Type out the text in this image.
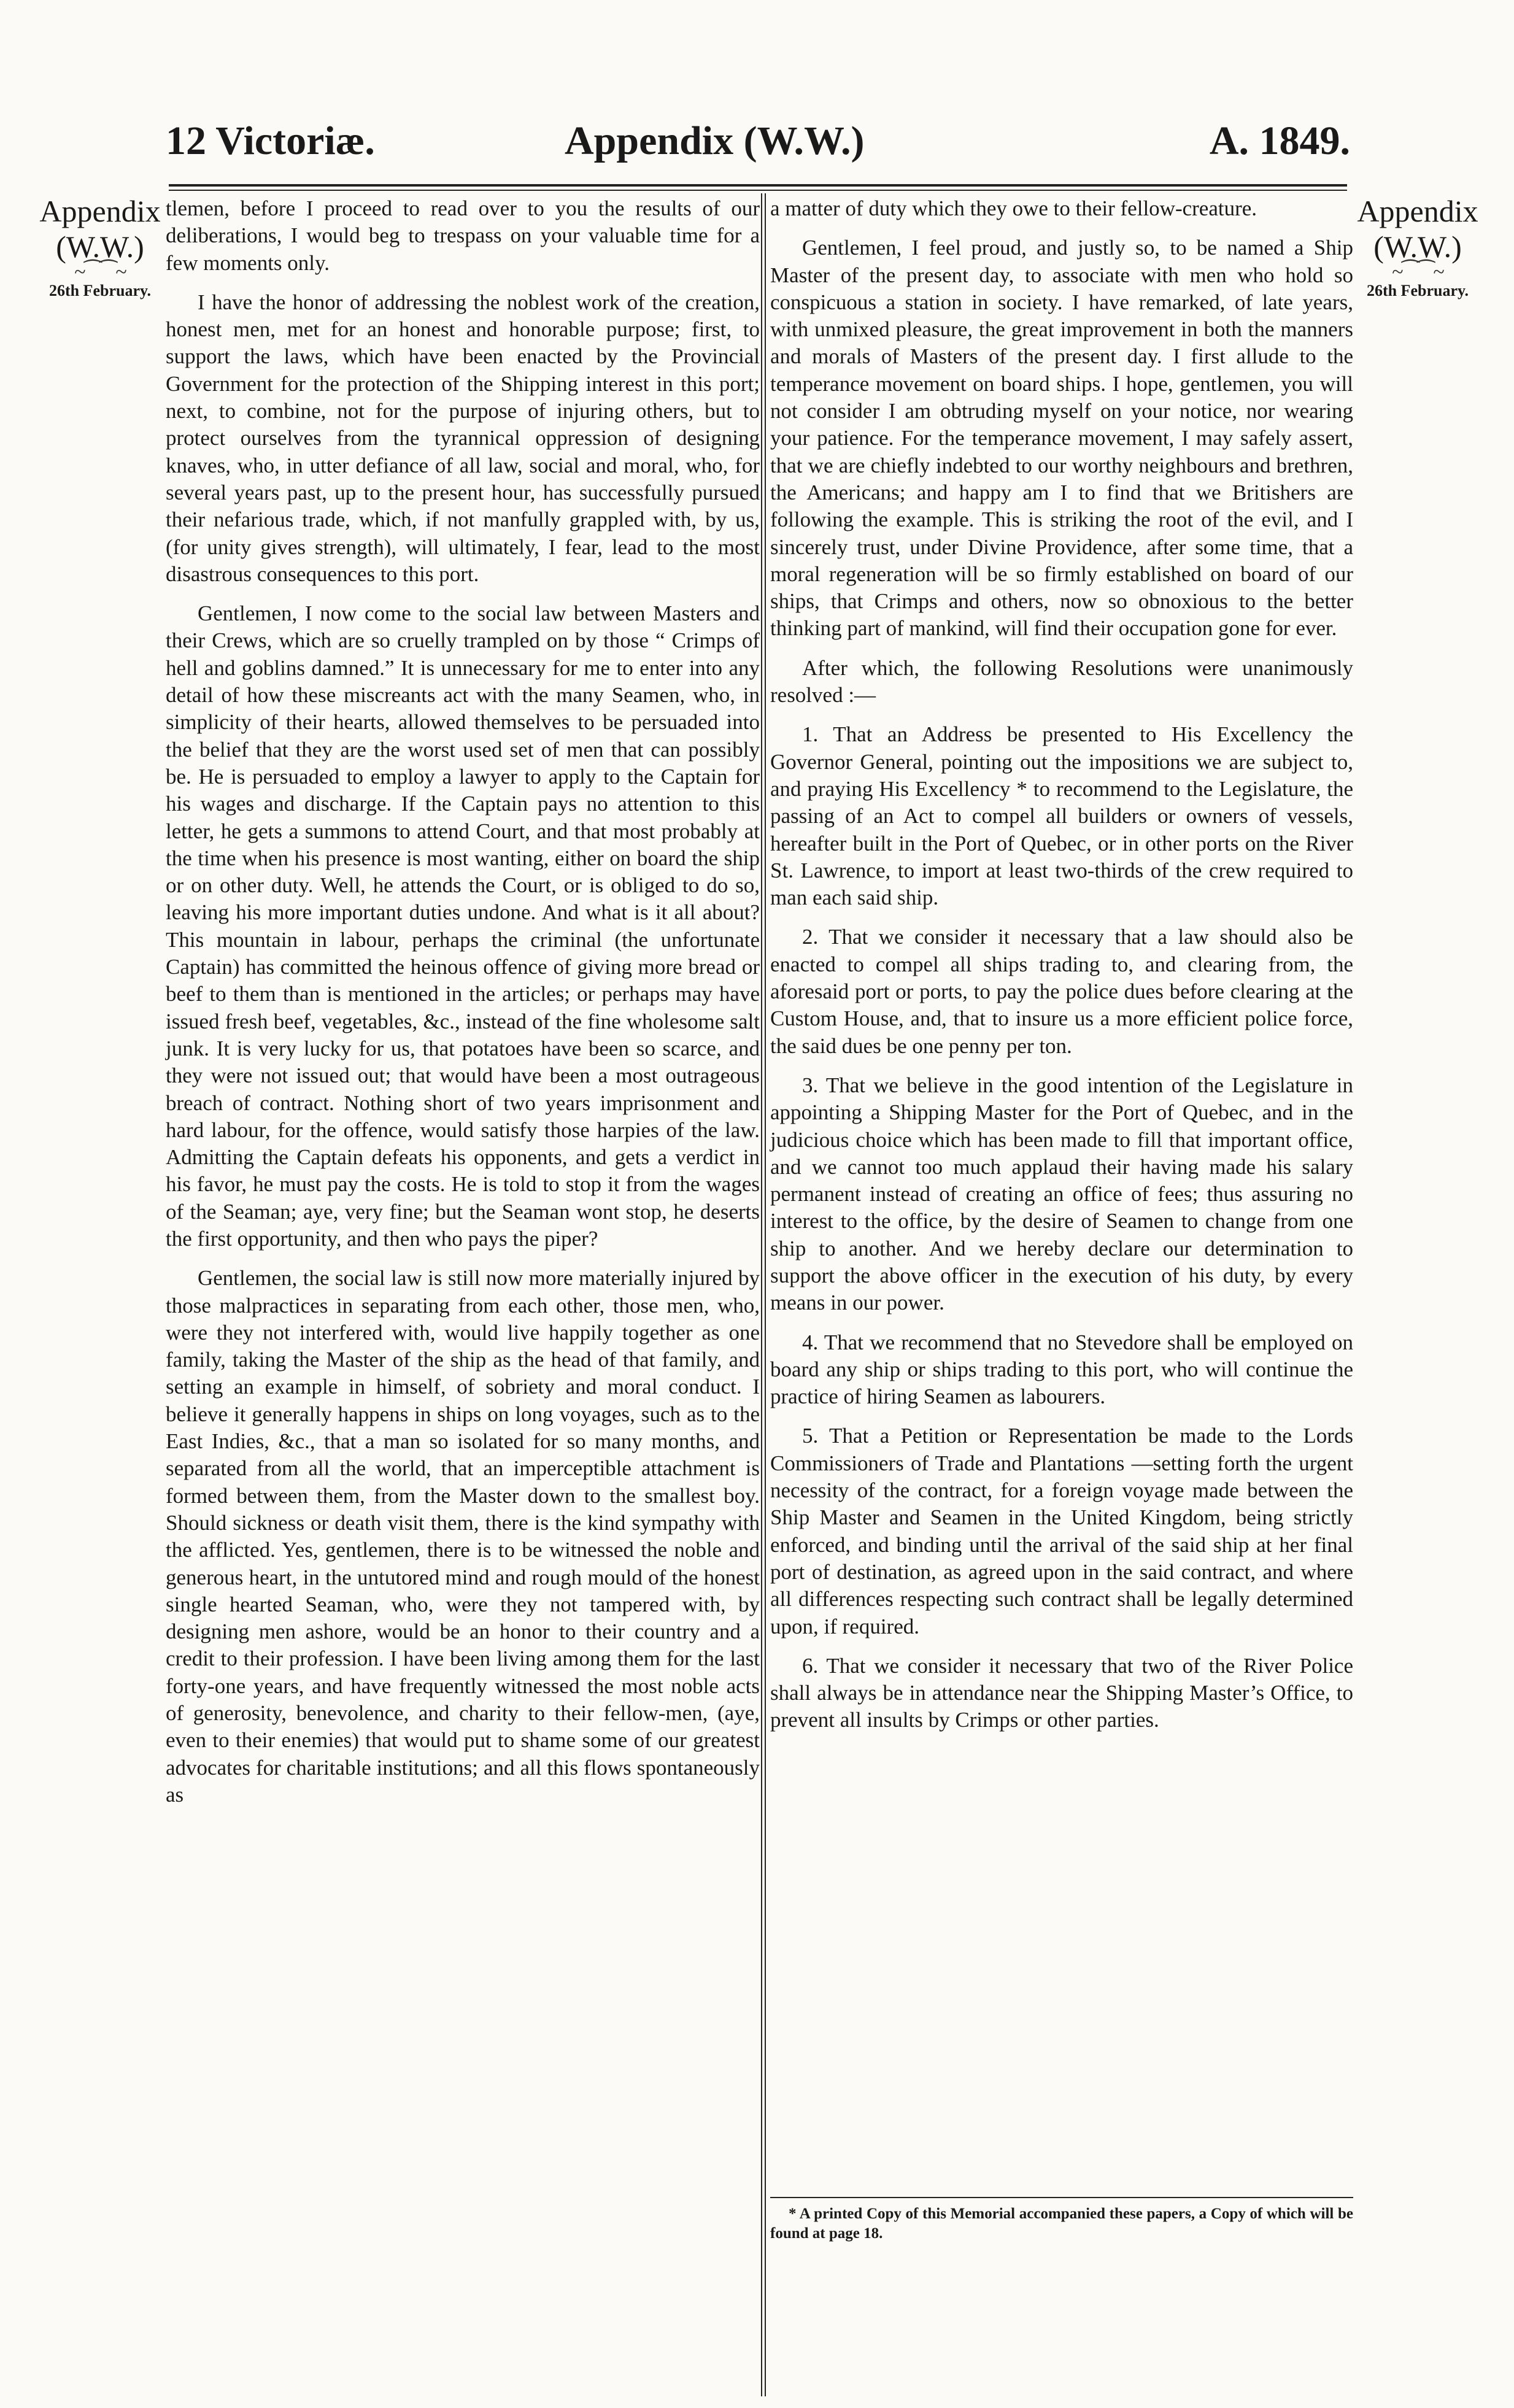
12 Victoriæ.	Appendix (W.W.)	A. 1849.
Appendix
(W.W.)
~⁀⁀~
26th February.
Appendix
(W.W.)
~⁀⁀~
26th February.

tlemen, before I proceed to read over to you the results of our deliberations, I would beg to trespass on your valuable time for a few moments only.

I have the honor of addressing the noblest work of the creation, honest men, met for an honest and honorable purpose; first, to support the laws, which have been enacted by the Provincial Government for the protection of the Shipping interest in this port; next, to combine, not for the purpose of injuring others, but to protect ourselves from the tyrannical oppression of designing knaves, who, in utter defiance of all law, social and moral, who, for several years past, up to the present hour, has successfully pursued their nefarious trade, which, if not manfully grappled with, by us, (for unity gives strength), will ultimately, I fear, lead to the most disastrous consequences to this port.

Gentlemen, I now come to the social law between Masters and their Crews, which are so cruelly trampled on by those “ Crimps of hell and goblins damned.” It is unnecessary for me to enter into any detail of how these miscreants act with the many Seamen, who, in simplicity of their hearts, allowed themselves to be persuaded into the belief that they are the worst used set of men that can possibly be. He is persuaded to employ a lawyer to apply to the Captain for his wages and discharge. If the Captain pays no attention to this letter, he gets a summons to attend Court, and that most probably at the time when his presence is most wanting, either on board the ship or on other duty. Well, he attends the Court, or is obliged to do so, leaving his more important duties undone. And what is it all about? This mountain in labour, perhaps the criminal (the unfortunate Captain) has committed the heinous offence of giving more bread or beef to them than is mentioned in the articles; or perhaps may have issued fresh beef, vegetables, &c., instead of the fine wholesome salt junk. It is very lucky for us, that potatoes have been so scarce, and they were not issued out; that would have been a most outrageous breach of contract. Nothing short of two years imprisonment and hard labour, for the offence, would satisfy those harpies of the law. Admitting the Captain defeats his opponents, and gets a verdict in his favor, he must pay the costs. He is told to stop it from the wages of the Seaman; aye, very fine; but the Seaman wont stop, he deserts the first opportunity, and then who pays the piper?

Gentlemen, the social law is still now more materially injured by those malpractices in separating from each other, those men, who, were they not interfered with, would live happily together as one family, taking the Master of the ship as the head of that family, and setting an example in himself, of sobriety and moral conduct. I believe it generally happens in ships on long voyages, such as to the East Indies, &c., that a man so isolated for so many months, and separated from all the world, that an imperceptible attachment is formed between them, from the Master down to the smallest boy. Should sickness or death visit them, there is the kind sympathy with the afflicted. Yes, gentlemen, there is to be witnessed the noble and generous heart, in the untutored mind and rough mould of the honest single hearted Seaman, who, were they not tampered with, by designing men ashore, would be an honor to their country and a credit to their profession. I have been living among them for the last forty-one years, and have frequently witnessed the most noble acts of generosity, benevolence, and charity to their fellow-men, (aye, even to their enemies) that would put to shame some of our greatest advocates for charitable institutions; and all this flows spontaneously as

a matter of duty which they owe to their fellow-creature.

Gentlemen, I feel proud, and justly so, to be named a Ship Master of the present day, to associate with men who hold so conspicuous a station in society. I have remarked, of late years, with unmixed pleasure, the great improvement in both the manners and morals of Masters of the present day. I first allude to the temperance movement on board ships. I hope, gentlemen, you will not consider I am obtruding myself on your notice, nor wearing your patience. For the temperance movement, I may safely assert, that we are chiefly indebted to our worthy neighbours and brethren, the Americans; and happy am I to find that we Britishers are following the example. This is striking the root of the evil, and I sincerely trust, under Divine Providence, after some time, that a moral regeneration will be so firmly established on board of our ships, that Crimps and others, now so obnoxious to the better thinking part of mankind, will find their occupation gone for ever.

After which, the following Resolutions were unanimously resolved :—

1. That an Address be presented to His Excellency the Governor General, pointing out the impositions we are subject to, and praying His Excellency * to recommend to the Legislature, the passing of an Act to compel all builders or owners of vessels, hereafter built in the Port of Quebec, or in other ports on the River St. Lawrence, to import at least two-thirds of the crew required to man each said ship.

2. That we consider it necessary that a law should also be enacted to compel all ships trading to, and clearing from, the aforesaid port or ports, to pay the police dues before clearing at the Custom House, and, that to insure us a more efficient police force, the said dues be one penny per ton.

3. That we believe in the good intention of the Legislature in appointing a Shipping Master for the Port of Quebec, and in the judicious choice which has been made to fill that important office, and we cannot too much applaud their having made his salary permanent instead of creating an office of fees; thus assuring no interest to the office, by the desire of Seamen to change from one ship to another. And we hereby declare our determination to support the above officer in the execution of his duty, by every means in our power.

4. That we recommend that no Stevedore shall be employed on board any ship or ships trading to this port, who will continue the practice of hiring Seamen as labourers.

5. That a Petition or Representation be made to the Lords Commissioners of Trade and Plantations —setting forth the urgent necessity of the contract, for a foreign voyage made between the Ship Master and Seamen in the United Kingdom, being strictly enforced, and binding until the arrival of the said ship at her final port of destination, as agreed upon in the said contract, and where all differences respecting such contract shall be legally determined upon, if required.

6. That we consider it necessary that two of the River Police shall always be in attendance near the Shipping Master’s Office, to prevent all insults by Crimps or other parties.

* A printed Copy of this Memorial accompanied these papers, a Copy of which will be found at page 18.
